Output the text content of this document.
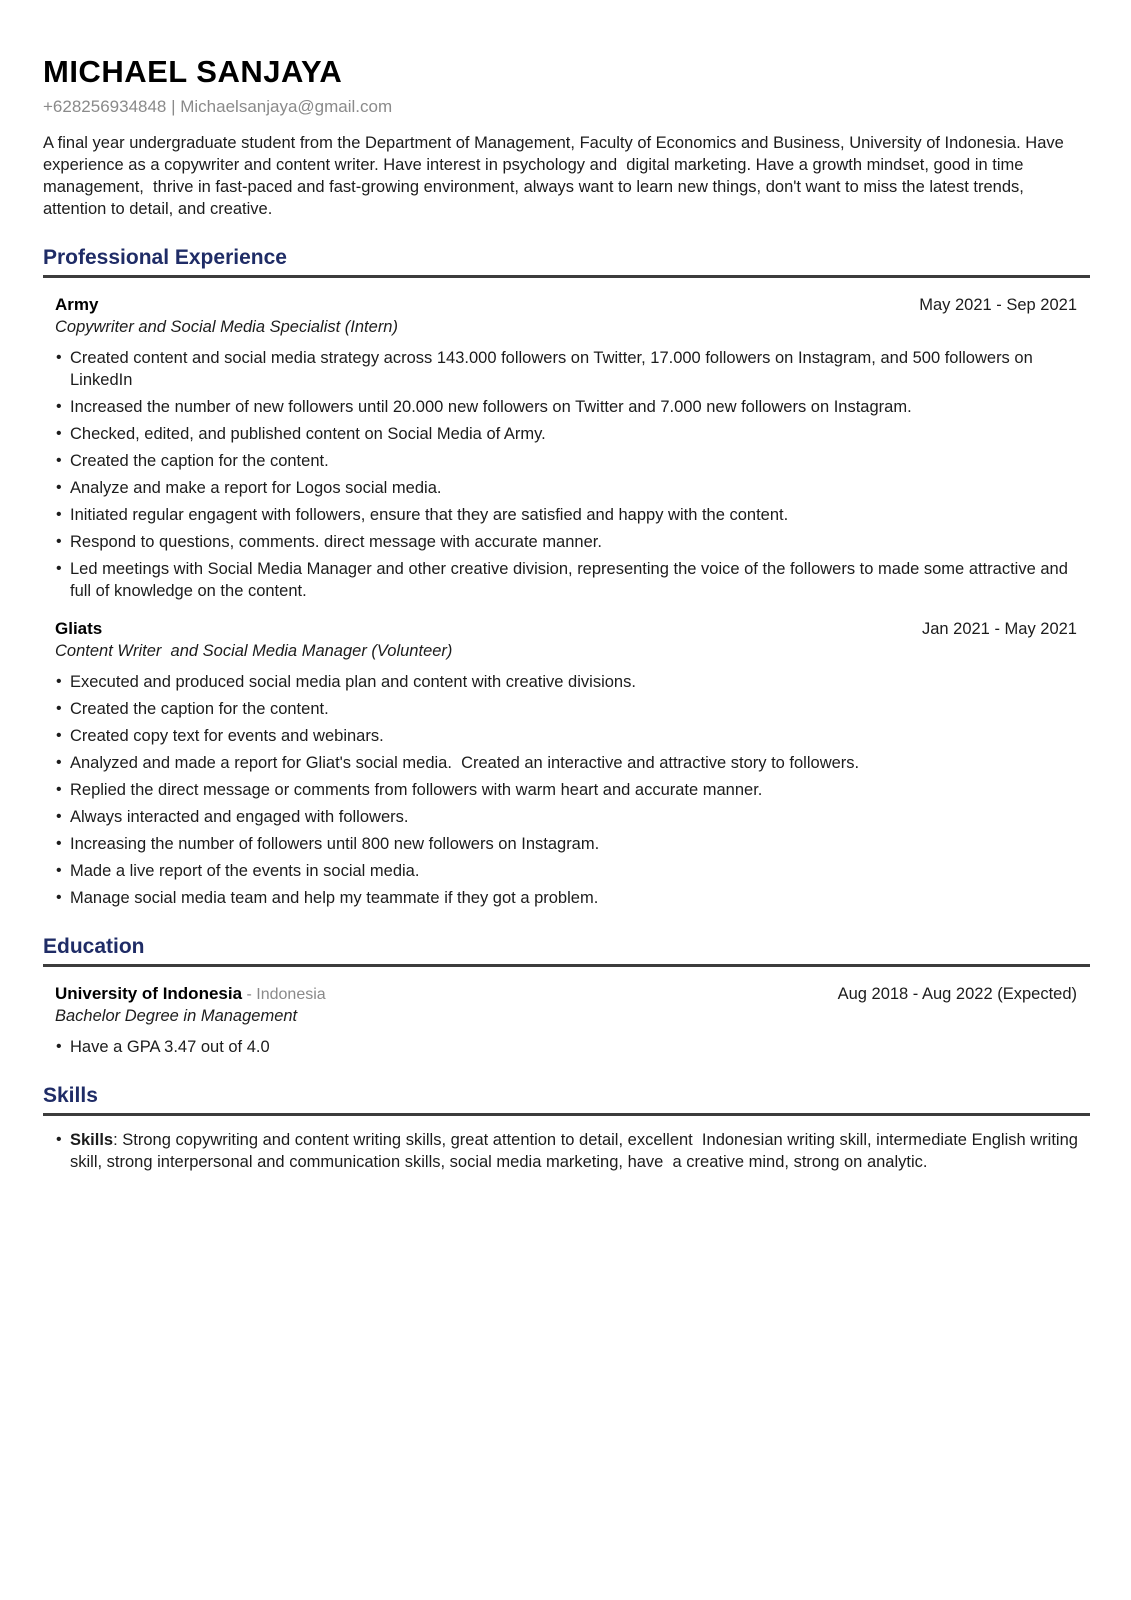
MICHAEL SANJAYA
+628256934848 | Michaelsanjaya@gmail.com
A final year undergraduate student from the Department of Management, Faculty of Economics and Business, University of Indonesia. Have experience as a copywriter and content writer. Have interest in psychology and  digital marketing. Have a growth mindset, good in time management,  thrive in fast-paced and fast-growing environment, always want to learn new things, don't want to miss the latest trends, attention to detail, and creative.
Professional Experience
Army	May 2021 - Sep 2021
Copywriter and Social Media Specialist (Intern)
• Created content and social media strategy across 143.000 followers on Twitter, 17.000 followers on Instagram, and 500 followers on LinkedIn
• Increased the number of new followers until 20.000 new followers on Twitter and 7.000 new followers on Instagram.
• Checked, edited, and published content on Social Media of Army.
• Created the caption for the content.
• Analyze and make a report for Logos social media.
• Initiated regular engagent with followers, ensure that they are satisfied and happy with the content.
• Respond to questions, comments. direct message with accurate manner.
• Led meetings with Social Media Manager and other creative division, representing the voice of the followers to made some attractive and full of knowledge on the content.
Gliats	Jan 2021 - May 2021
Content Writer  and Social Media Manager (Volunteer)
• Executed and produced social media plan and content with creative divisions.
• Created the caption for the content.
• Created copy text for events and webinars.
• Analyzed and made a report for Gliat's social media.  Created an interactive and attractive story to followers.
• Replied the direct message or comments from followers with warm heart and accurate manner.
• Always interacted and engaged with followers.
• Increasing the number of followers until 800 new followers on Instagram.
• Made a live report of the events in social media.
• Manage social media team and help my teammate if they got a problem.
Education
University of Indonesia - Indonesia	Aug 2018 - Aug 2022 (Expected)
Bachelor Degree in Management
• Have a GPA 3.47 out of 4.0
Skills
• Skills: Strong copywriting and content writing skills, great attention to detail, excellent  Indonesian writing skill, intermediate English writing skill, strong interpersonal and communication skills, social media marketing, have  a creative mind, strong on analytic.
